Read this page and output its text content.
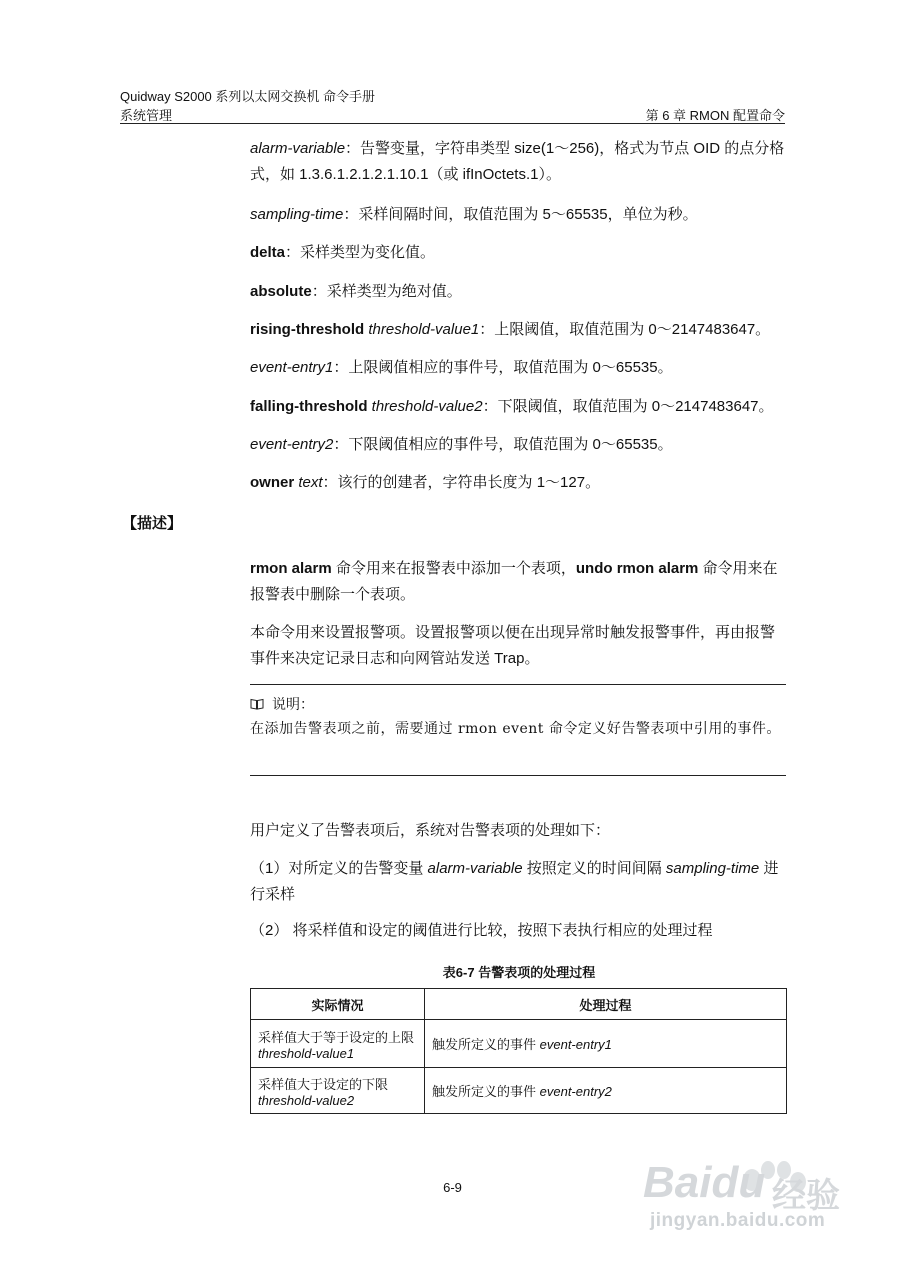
Quidway S2000 系列以太网交换机 命令手册
系统管理	第 6 章 RMON 配置命令

alarm-variable：告警变量，字符串类型 size(1～256)，格式为节点 OID 的点分格式，如 1.3.6.1.2.1.2.1.10.1（或 ifInOctets.1）。

sampling-time：采样间隔时间，取值范围为 5～65535，单位为秒。

delta：采样类型为变化值。

absolute：采样类型为绝对值。

rising-threshold threshold-value1：上限阈值，取值范围为 0～2147483647。

event-entry1：上限阈值相应的事件号，取值范围为 0～65535。

falling-threshold threshold-value2：下限阈值，取值范围为 0～2147483647。

event-entry2：下限阈值相应的事件号，取值范围为 0～65535。

owner text：该行的创建者，字符串长度为 1～127。

【描述】

rmon alarm 命令用来在报警表中添加一个表项，undo rmon alarm 命令用来在报警表中删除一个表项。

本命令用来设置报警项。设置报警项以便在出现异常时触发报警事件，再由报警事件来决定记录日志和向网管站发送 Trap。

说明：
在添加告警表项之前，需要通过 rmon event 命令定义好告警表项中引用的事件。

用户定义了告警表项后，系统对告警表项的处理如下：

（1）对所定义的告警变量 alarm-variable 按照定义的时间间隔 sampling-time 进行采样

（2） 将采样值和设定的阈值进行比较，按照下表执行相应的处理过程

表6-7 告警表项的处理过程
实际情况	处理过程
采样值大于等于设定的上限 threshold-value1	触发所定义的事件 event-entry1
采样值大于设定的下限 threshold-value2	触发所定义的事件 event-entry2
6-9	Baidu 经验
jingyan.baidu.com
